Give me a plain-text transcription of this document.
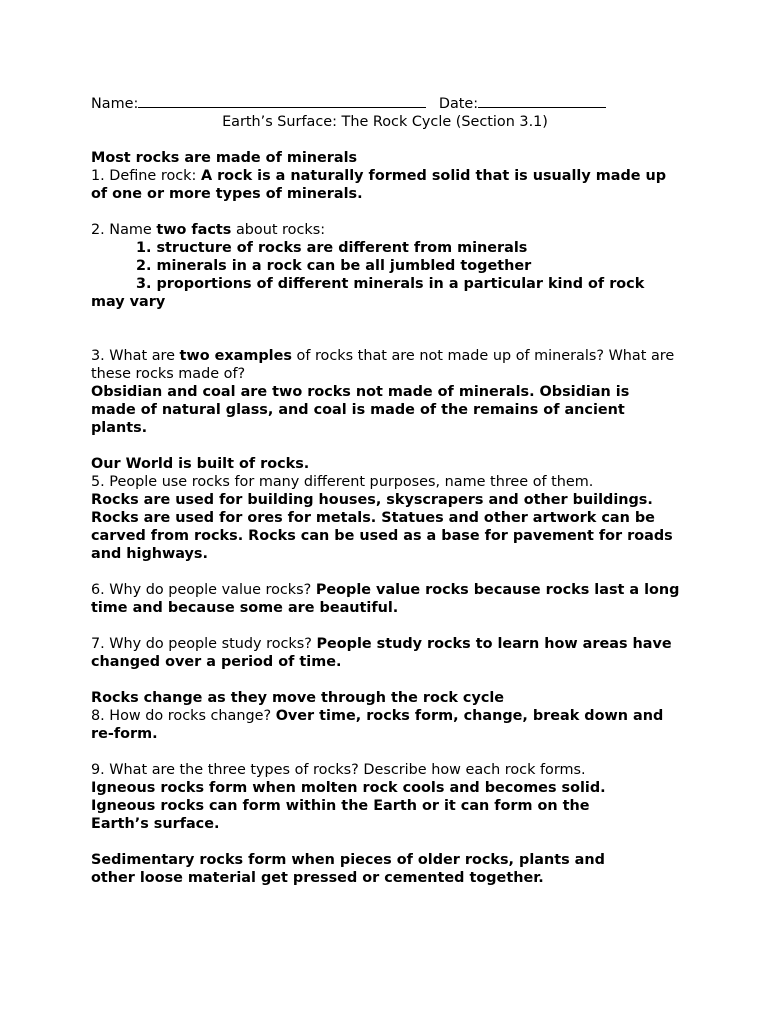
Name:	Date:
Earth’s Surface: The Rock Cycle (Section 3.1)
Most rocks are made of minerals
1. Define rock: A rock is a naturally formed solid that is usually made up of one or more types of minerals.
2. Name two facts about rocks:
1. structure of rocks are different from minerals
2. minerals in a rock can be all jumbled together
3. proportions of different minerals in a particular kind of rock
may vary
3. What are two examples of rocks that are not made up of minerals? What are these rocks made of?
Obsidian and coal are two rocks not made of minerals. Obsidian is made of natural glass, and coal is made of the remains of ancient plants.
Our World is built of rocks.
5. People use rocks for many different purposes, name three of them.
Rocks are used for building houses, skyscrapers and other buildings. Rocks are used for ores for metals. Statues and other artwork can be carved from rocks. Rocks can be used as a base for pavement for roads and highways.
6. Why do people value rocks? People value rocks because rocks last a long time and because some are beautiful.
7. Why do people study rocks? People study rocks to learn how areas have changed over a period of time.
Rocks change as they move through the rock cycle
8. How do rocks change? Over time, rocks form, change, break down and re-form.
9. What are the three types of rocks? Describe how each rock forms.
Igneous rocks form when molten rock cools and becomes solid. Igneous rocks can form within the Earth or it can form on the Earth’s surface.
Sedimentary rocks form when pieces of older rocks, plants and other loose material get pressed or cemented together.
